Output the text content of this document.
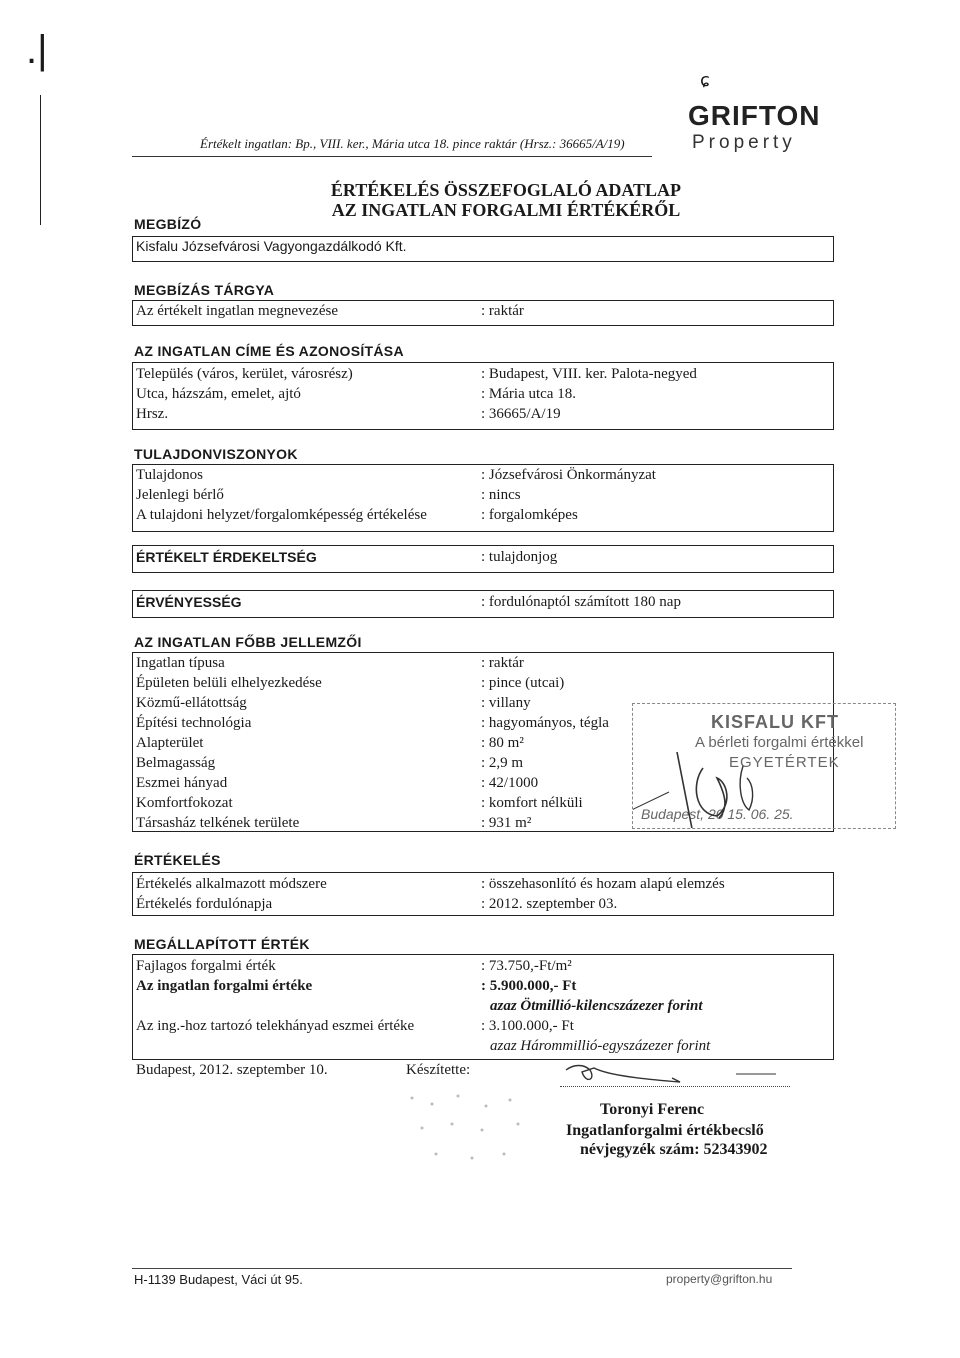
.|
Értékelt ingatlan: Bp., VIII. ker., Mária utca 18. pince raktár (Hrsz.: 36665/A/19)
ɕ
GRIFTON
Property
ÉRTÉKELÉS ÖSSZEFOGLALÓ ADATLAP
AZ INGATLAN FORGALMI ÉRTÉKÉRŐL
MEGBÍZÓ
Kisfalu Józsefvárosi Vagyongazdálkodó Kft.
MEGBÍZÁS TÁRGYA
Az értékelt ingatlan megnevezése	: raktár
AZ INGATLAN CÍME ÉS AZONOSÍTÁSA
Település (város, kerület, városrész)	: Budapest, VIII. ker. Palota-negyed
Utca, házszám, emelet, ajtó	: Mária utca 18.
Hrsz.	: 36665/A/19
TULAJDONVISZONYOK
Tulajdonos	: Józsefvárosi Önkormányzat
Jelenlegi bérlő	: nincs
A tulajdoni helyzet/forgalomképesség értékelése	: forgalomképes
ÉRTÉKELT ÉRDEKELTSÉG	: tulajdonjog
ÉRVÉNYESSÉG	: fordulónaptól számított 180 nap
AZ INGATLAN FŐBB JELLEMZŐI
Ingatlan típusa	: raktár
Épületen belüli elhelyezkedése	: pince (utcai)
Közmű-ellátottság	: villany
Építési technológia	: hagyományos, tégla
Alapterület	: 80 m²
Belmagasság	: 2,9 m
Eszmei hányad	: 42/1000
Komfortfokozat	: komfort nélküli
Társasház telkének területe	: 931 m²
KISFALU KFT
A bérleti forgalmi értékkel
EGYETÉRTEK
Budapest, 20 15. 06. 25.
ÉRTÉKELÉS
Értékelés alkalmazott módszere	: összehasonlító és hozam alapú elemzés
Értékelés fordulónapja	: 2012. szeptember 03.
MEGÁLLAPÍTOTT ÉRTÉK
Fajlagos forgalmi érték	: 73.750,-Ft/m²
Az ingatlan forgalmi értéke	: 5.900.000,- Ft
azaz Ötmillió-kilencszázezer forint
Az ing.-hoz tartozó telekhányad eszmei értéke	: 3.100.000,- Ft
azaz Hárommillió-egyszázezer forint
Budapest, 2012. szeptember 10.	Készítette:
Toronyi Ferenc
Ingatlanforgalmi értékbecslő
névjegyzék szám: 52343902
H-1139 Budapest, Váci út 95.	property@grifton.hu
